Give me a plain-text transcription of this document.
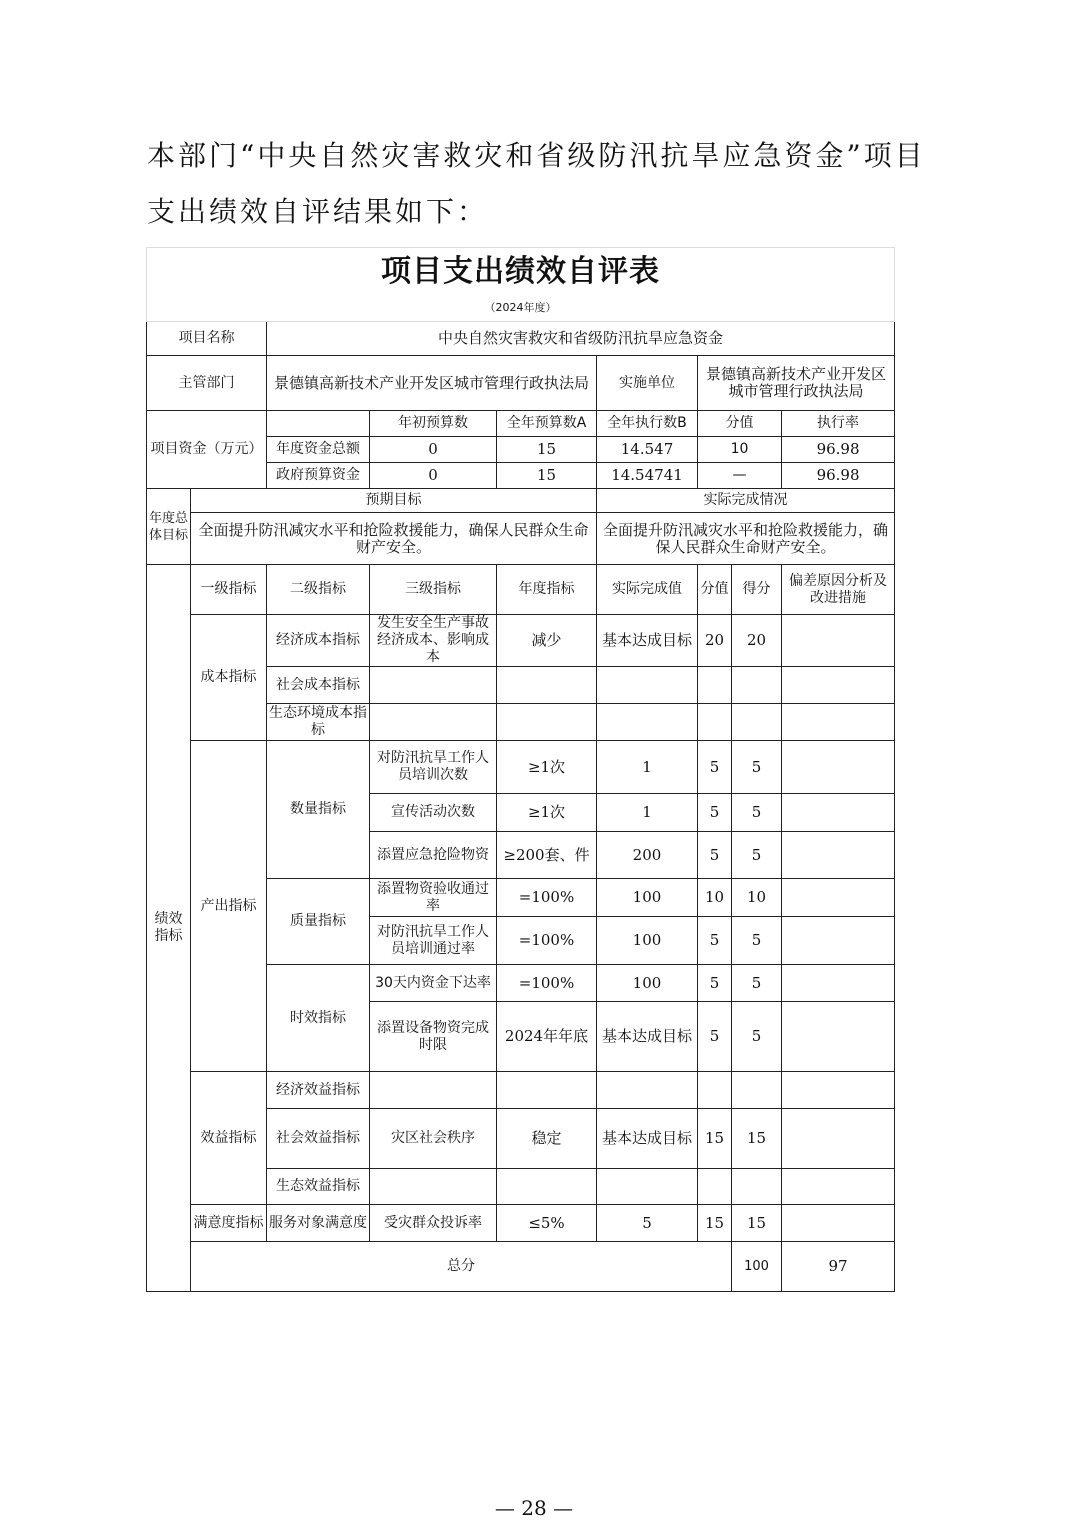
本部门“中央自然灾害救灾和省级防汛抗旱应急资金”项目支出绩效自评结果如下：
项目支出绩效自评表									
（2024年度）									
项目名称		中央自然灾害救灾和省级防汛抗旱应急资金							
主管部门		景德镇高新技术产业开发区城市管理行政执法局			实施单位	景德镇高新技术产业开发区城市管理行政执法局			
项目资金（万元）			年初预算数	全年预算数A	全年执行数B	分值		执行率	
		年度资金总额	0	15	14.547	10		96.98	
		政府预算资金	0	15	14.54741	—		96.98	
年度总体目标	预期目标				实际完成情况				
	全面提升防汛减灾水平和抢险救援能力，确保人民群众生命财产安全。				全面提升防汛减灾水平和抢险救援能力，确保人民群众生命财产安全。				
绩效指标	一级指标	二级指标	三级指标	年度指标	实际完成值	分值	得分	偏差原因分析及改进措施	
	成本指标	经济成本指标	发生安全生产事故经济成本、影响成本	减少	基本达成目标	20	20		
		社会成本指标							
		生态环境成本指标							
	产出指标	数量指标	对防汛抗旱工作人员培训次数	≥1次	1	5	5		
			宣传活动次数	≥1次	1	5	5		
			添置应急抢险物资	≥200套、件	200	5	5		
		质量指标	添置物资验收通过率	=100%	100	10	10		
			对防汛抗旱工作人员培训通过率	=100%	100	5	5		
		时效指标	30天内资金下达率	=100%	100	5	5		
			添置设备物资完成时限	2024年年底	基本达成目标	5	5		
	效益指标	经济效益指标							
		社会效益指标	灾区社会秩序	稳定	基本达成目标	15	15		
		生态效益指标							
	满意度指标	服务对象满意度	受灾群众投诉率	≤5%	5	15	15		
	总分						100	97	
— 28 —
